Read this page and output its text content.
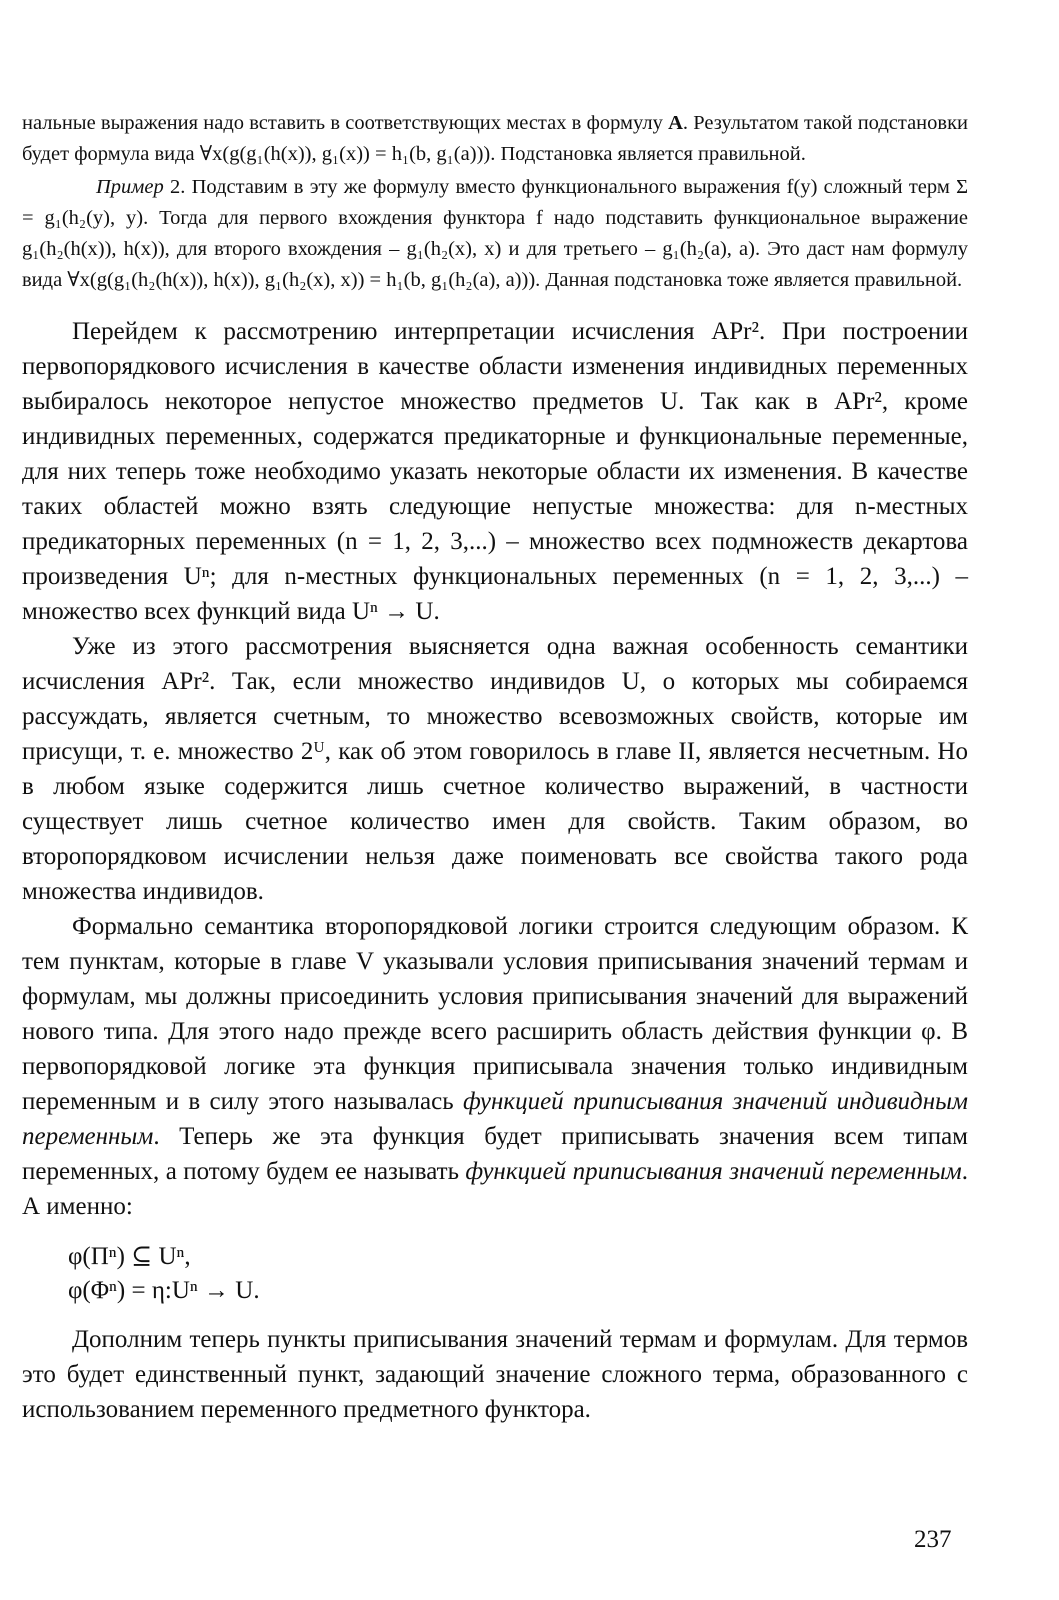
нальные выражения надо вставить в соответствующих местах в формулу A. Результатом такой подстановки будет формула вида ∀x(g(g₁(h(x)), g₁(x)) = h₁(b, g₁(a))). Подстановка является правильной.

Пример 2. Подставим в эту же формулу вместо функционального выражения f(y) сложный терм Σ = g₁(h₂(y), y). Тогда для первого вхождения функтора f надо подставить функциональное выражение g₁(h₂(h(x)), h(x)), для второго вхождения – g₁(h₂(x), x) и для третьего – g₁(h₂(a), a). Это даст нам формулу вида ∀x(g(g₁(h₂(h(x)), h(x)), g₁(h₂(x), x)) = h₁(b, g₁(h₂(a), a))). Данная подстановка тоже является правильной.

Перейдем к рассмотрению интерпретации исчисления APr². При построении первопорядкового исчисления в качестве области изменения индивидных переменных выбиралось некоторое непустое множество предметов U. Так как в APr², кроме индивидных переменных, содержатся предикаторные и функциональные переменные, для них теперь тоже необходимо указать некоторые области их изменения. В качестве таких областей можно взять следующие непустые множества: для n-местных предикаторных переменных (n = 1, 2, 3,...) – множество всех подмножеств декартова произведения Uⁿ; для n-местных функциональных переменных (n = 1, 2, 3,...) – множество всех функций вида Uⁿ → U.

Уже из этого рассмотрения выясняется одна важная особенность семантики исчисления APr². Так, если множество индивидов U, о которых мы собираемся рассуждать, является счетным, то множество всевозможных свойств, которые им присущи, т. е. множество 2ᵁ, как об этом говорилось в главе II, является несчетным. Но в любом языке содержится лишь счетное количество выражений, в частности существует лишь счетное количество имен для свойств. Таким образом, во второпорядковом исчислении нельзя даже поименовать все свойства такого рода множества индивидов.

Формально семантика второпорядковой логики строится следующим образом. К тем пунктам, которые в главе V указывали условия приписывания значений термам и формулам, мы должны присоединить условия приписывания значений для выражений нового типа. Для этого надо прежде всего расширить область действия функции φ. В первопорядковой логике эта функция приписывала значения только индивидным переменным и в силу этого называлась функцией приписывания значений индивидным переменным. Теперь же эта функция будет приписывать значения всем типам переменных, а потому будем ее называть функцией приписывания значений переменным. А именно:

φ(Πⁿ) ⊆ Uⁿ,
φ(Φⁿ) = η:Uⁿ → U.

Дополним теперь пункты приписывания значений термам и формулам. Для термов это будет единственный пункт, задающий значение сложного терма, образованного с использованием переменного предметного функтора.

237
